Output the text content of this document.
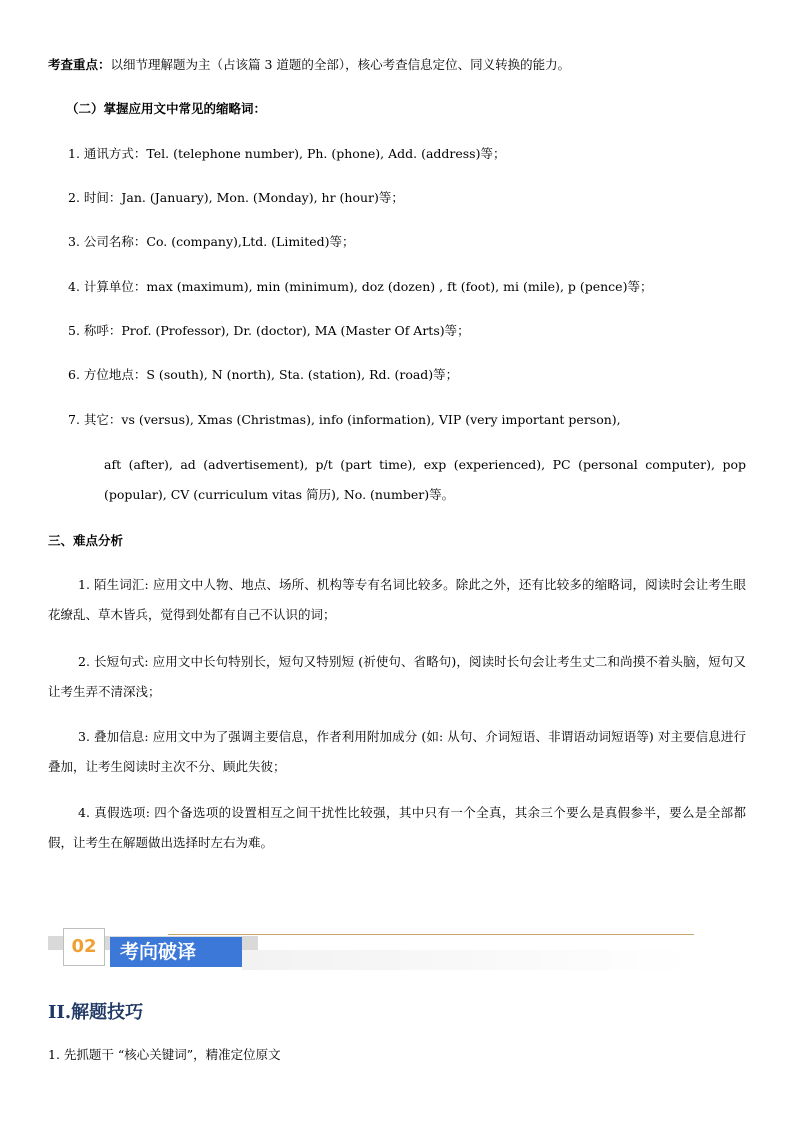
考查重点：以细节理解题为主（占该篇 3 道题的全部），核心考查信息定位、同义转换的能力。
（二）掌握应用文中常见的缩略词：
1. 通讯方式：Tel. (telephone number), Ph. (phone), Add. (address)等；
2. 时间：Jan. (January), Mon. (Monday), hr (hour)等；
3. 公司名称：Co. (company),Ltd. (Limited)等；
4. 计算单位：max (maximum), min (minimum), doz (dozen) , ft (foot), mi (mile), p (pence)等；
5. 称呼：Prof. (Professor), Dr. (doctor), MA (Master Of Arts)等；
6. 方位地点：S (south), N (north), Sta. (station), Rd. (road)等；
7. 其它：vs (versus), Xmas (Christmas), info (information), VIP (very important person),
aft (after), ad (advertisement), p/t (part time), exp (experienced), PC (personal computer), pop (popular), CV (curriculum vitas 简历), No. (number)等。
三、难点分析
1. 陌生词汇: 应用文中人物、地点、场所、机构等专有名词比较多。除此之外，还有比较多的缩略词，阅读时会让考生眼花缭乱、草木皆兵，觉得到处都有自己不认识的词；
2. 长短句式: 应用文中长句特别长，短句又特别短 (祈使句、省略句)，阅读时长句会让考生丈二和尚摸不着头脑，短句又让考生弄不清深浅；
3. 叠加信息: 应用文中为了强调主要信息，作者利用附加成分 (如: 从句、介词短语、非谓语动词短语等) 对主要信息进行叠加，让考生阅读时主次不分、顾此失彼；
4. 真假选项: 四个备选项的设置相互之间干扰性比较强，其中只有一个全真，其余三个要么是真假参半，要么是全部都假，让考生在解题做出选择时左右为难。
02	考向破译
II.解题技巧
1. 先抓题干 “核心关键词”，精准定位原文
